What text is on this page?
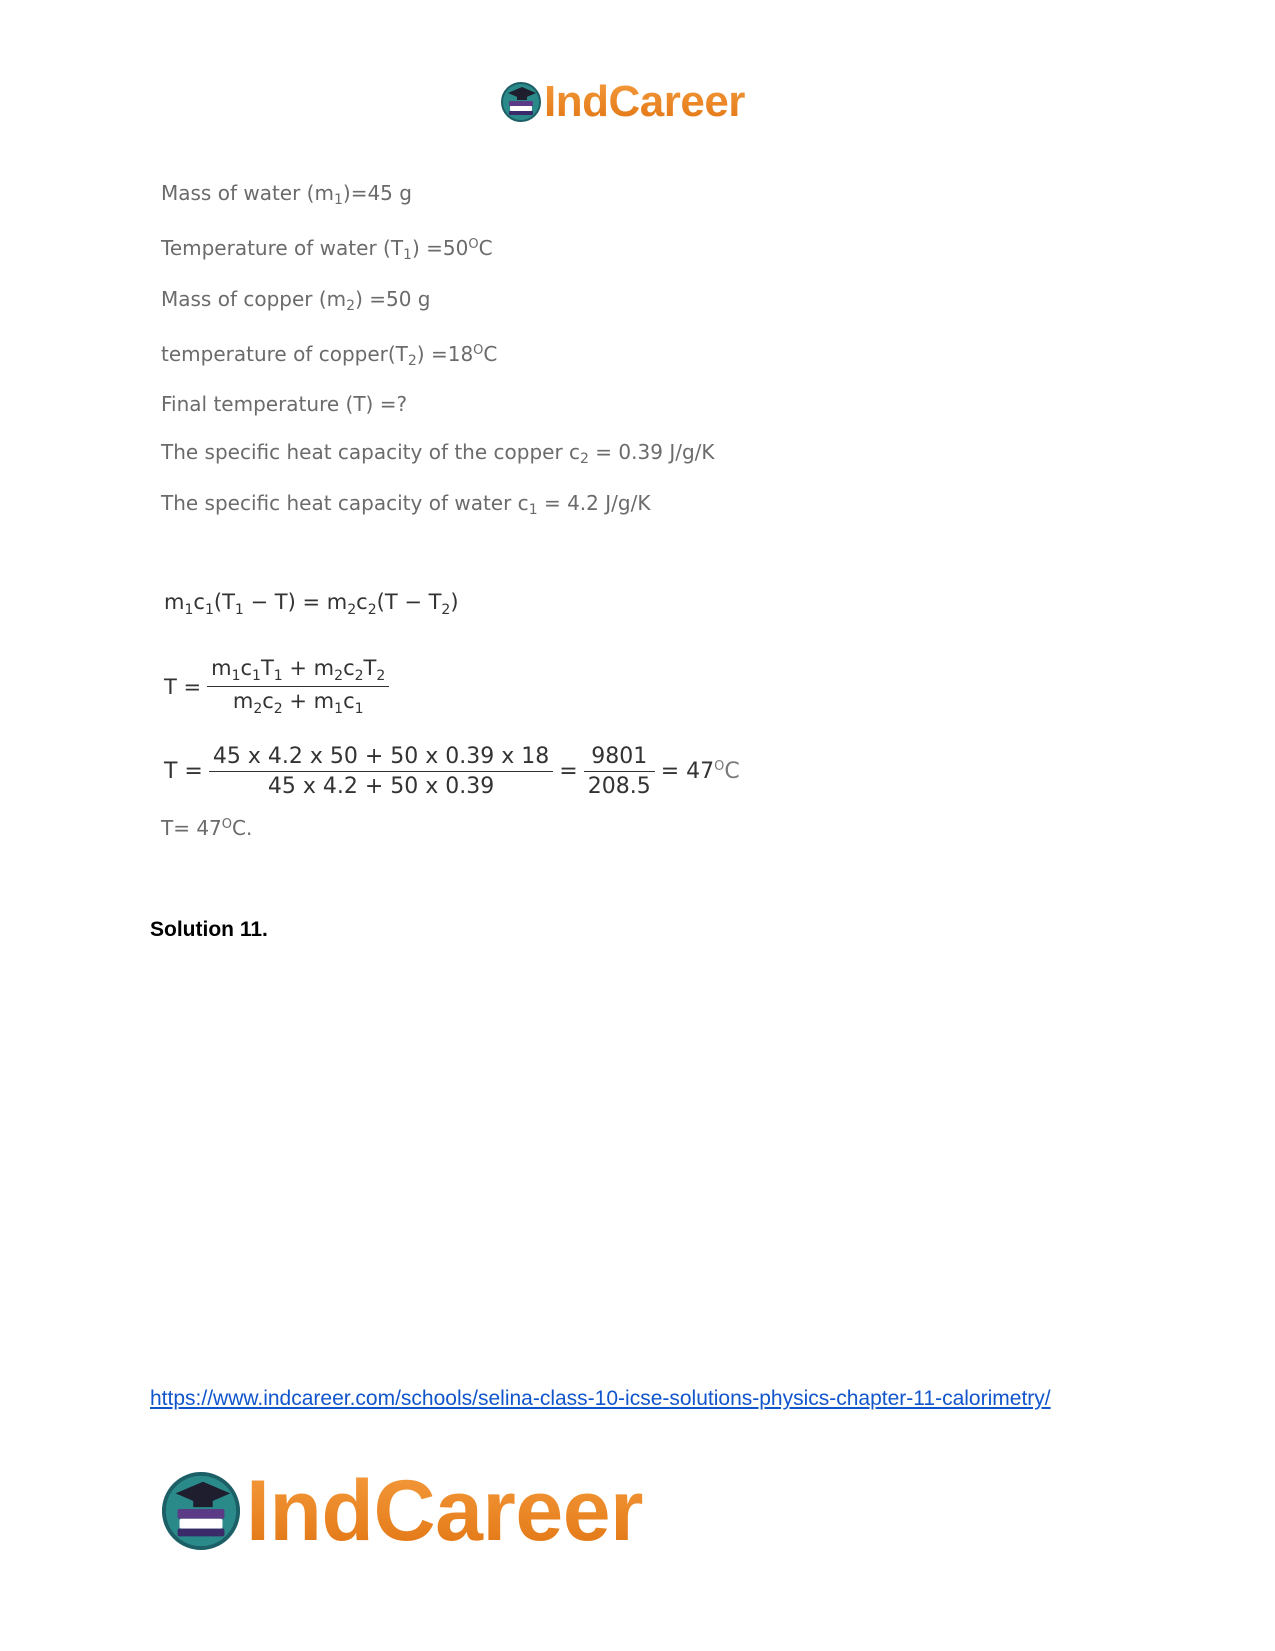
IndCareer
Mass of water $(m_1)=45$ g
Temperature of water $(T_1) =50^OC$
Mass of copper $(m_2) =50$ g
temperature of $copper(T_2) =18^OC$
Final temperature (T) =?
The specific heat capacity of the copper $c_2 = 0.39$ J/g/K
The specific heat capacity of water $c_1 = 4.2$ J/g/K
$m_1c_1(T_1 - T) = m_2c_2(T - T_2)$
$T = \frac{m_1c_1T_1 + m_2c_2T_2}{m_2c_2 + m_1c_1}$
$T = \frac{45 x 4.2 x 50 + 50 x 0.39 x 18}{45 x 4.2 + 50 x 0.39} = \frac{9801}{208.5} = 47^OC$
$T= 47^OC$.
Solution 11.
https://www.indcareer.com/schools/selina-class-10-icse-solutions-physics-chapter-11-calorimetry/
IndCareer
